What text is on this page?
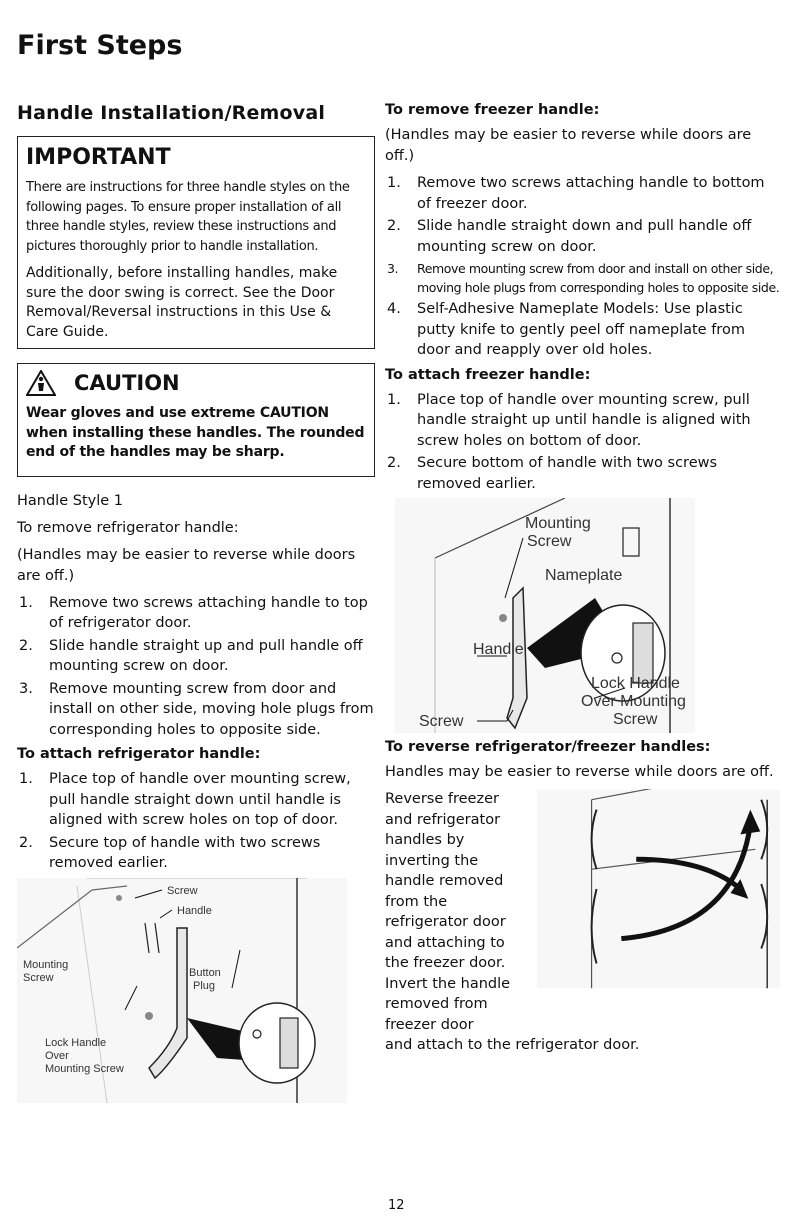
First Steps
Handle Installation/Removal
IMPORTANT

There are instructions for three handle styles on the following pages. To ensure proper installation of all three handle styles, review these instructions and pictures thoroughly prior to handle installation.

Additionally, before installing handles, make sure the door swing is correct. See the Door Removal/Reversal instructions in this Use & Care Guide.

CAUTION

Wear gloves and use extreme CAUTION when installing these handles. The rounded end of the handles may be sharp.

Handle Style 1

To remove refrigerator handle:

(Handles may be easier to reverse while doors are off.)

1. Remove two screws attaching handle to top of refrigerator door.
2. Slide handle straight up and pull handle off mounting screw on door.
3. Remove mounting screw from door and install on other side, moving hole plugs from corresponding holes to opposite side.

To attach refrigerator handle:

1. Place top of handle over mounting screw, pull handle straight down until handle is aligned with screw holes on top of door.
2. Secure top of handle with two screws removed earlier.
Screw
Handle
Mounting
Screw	Button
Plug
Lock Handle
Over
Mounting Screw

To remove freezer handle:

(Handles may be easier to reverse while doors are off.)

1. Remove two screws attaching handle to bottom of freezer door.
2. Slide handle straight down and pull handle off mounting screw on door.
3. Remove mounting screw from door and install on other side, moving hole plugs from corresponding holes to opposite side.
4. Self-Adhesive Nameplate Models: Use plastic putty knife to gently peel off nameplate from door and reapply over old holes.

To attach freezer handle:

1. Place top of handle over mounting screw, pull handle straight up until handle is aligned with screw holes on bottom of door.
2. Secure bottom of handle with two screws removed earlier.
Mounting
Screw
Nameplate
Handle
Lock Handle
Over Mounting
Screw	Screw

To reverse refrigerator/freezer handles:

Handles may be easier to reverse while doors are off.

Reverse freezer and refrigerator handles by inverting the handle removed from the refrigerator door and attaching to the freezer door. Invert the handle removed from freezer door

and attach to the refrigerator door.

12
